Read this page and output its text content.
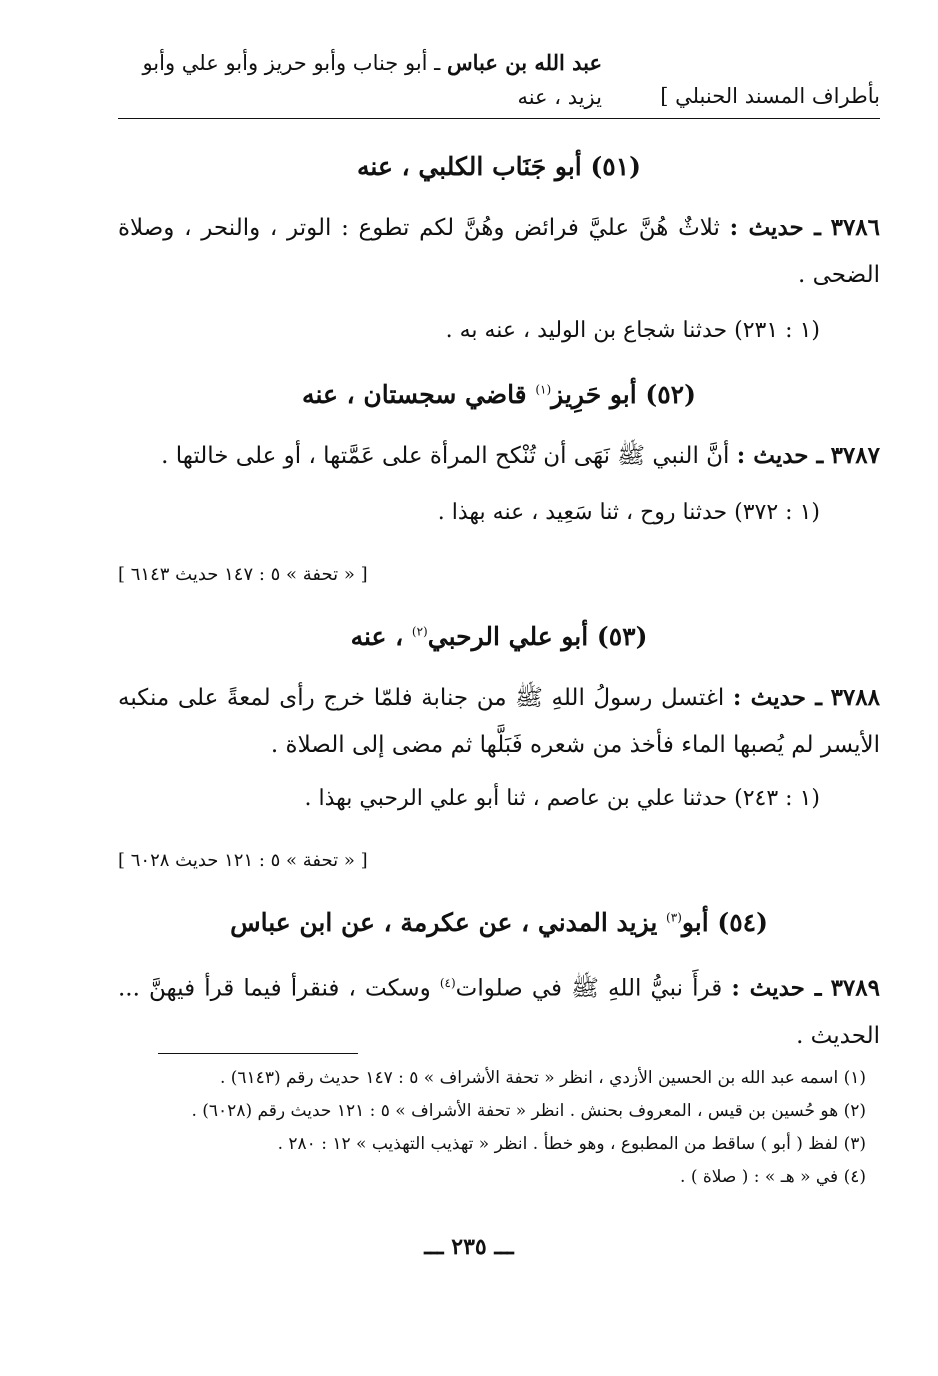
بأطراف المسند الحنبلي ]
عبد الله بن عباس ـ أبو جناب وأبو حريز وأبو علي وأبو
يزيد ، عنه
(٥١) أبو جَنَاب الكلبي ، عنه
٣٧٨٦ ـ حديث : ثلاثٌ هُنَّ عليَّ فرائض وهُنَّ لكم تطوع : الوتر ، والنحر ، وصلاة الضحى .
(١ : ٢٣١) حدثنا شجاع بن الوليد ، عنه به .
(٥٢) أبو حَرِيز$^{(١)}$ قاضي سجستان ، عنه
٣٧٨٧ ـ حديث : أنَّ النبي ﷺ نَهَى أن تُنْكح المرأة على عَمَّتها ، أو على خالتها .
(١ : ٣٧٢) حدثنا روح ، ثنا سَعِيد ، عنه بهذا .
[ « تحفة » ٥ : ١٤٧ حديث ٦١٤٣ ]
(٥٣) أبو علي الرحبي$^{(٢)}$ ، عنه
٣٧٨٨ ـ حديث : اغتسل رسولُ اللهِ ﷺ من جنابة فلمّا خرج رأى لمعةً على منكبه الأيسر لم يُصبها الماء فأخذ من شعره فَبَلَّها ثم مضى إلى الصلاة .
(١ : ٢٤٣) حدثنا علي بن عاصم ، ثنا أبو علي الرحبي بهذا .
[ « تحفة » ٥ : ١٢١ حديث ٦٠٢٨ ]
(٥٤) أبو$^{(٣)}$ يزيد المدني ، عن عكرمة ، عن ابن عباس
٣٧٨٩ ـ حديث : قرأَ نبيُّ اللهِ ﷺ في صلوات$^{(٤)}$ وسكت ، فنقرأ فيما قرأ فيهنَّ ... الحديث .
(١) اسمه عبد الله بن الحسين الأزدي ، انظر « تحفة الأشراف » ٥ : ١٤٧ حديث رقم (٦١٤٣) .
(٢) هو حُسين بن قيس ، المعروف بحنش . انظر « تحفة الأشراف » ٥ : ١٢١ حديث رقم (٦٠٢٨) .
(٣) لفظ ( أبو ) ساقط من المطبوع ، وهو خطأ . انظر « تهذيب التهذيب » ١٢ : ٢٨٠ .
(٤) في « هـ » : ( صلاة ) .
ـــ ٢٣٥ ـــ
